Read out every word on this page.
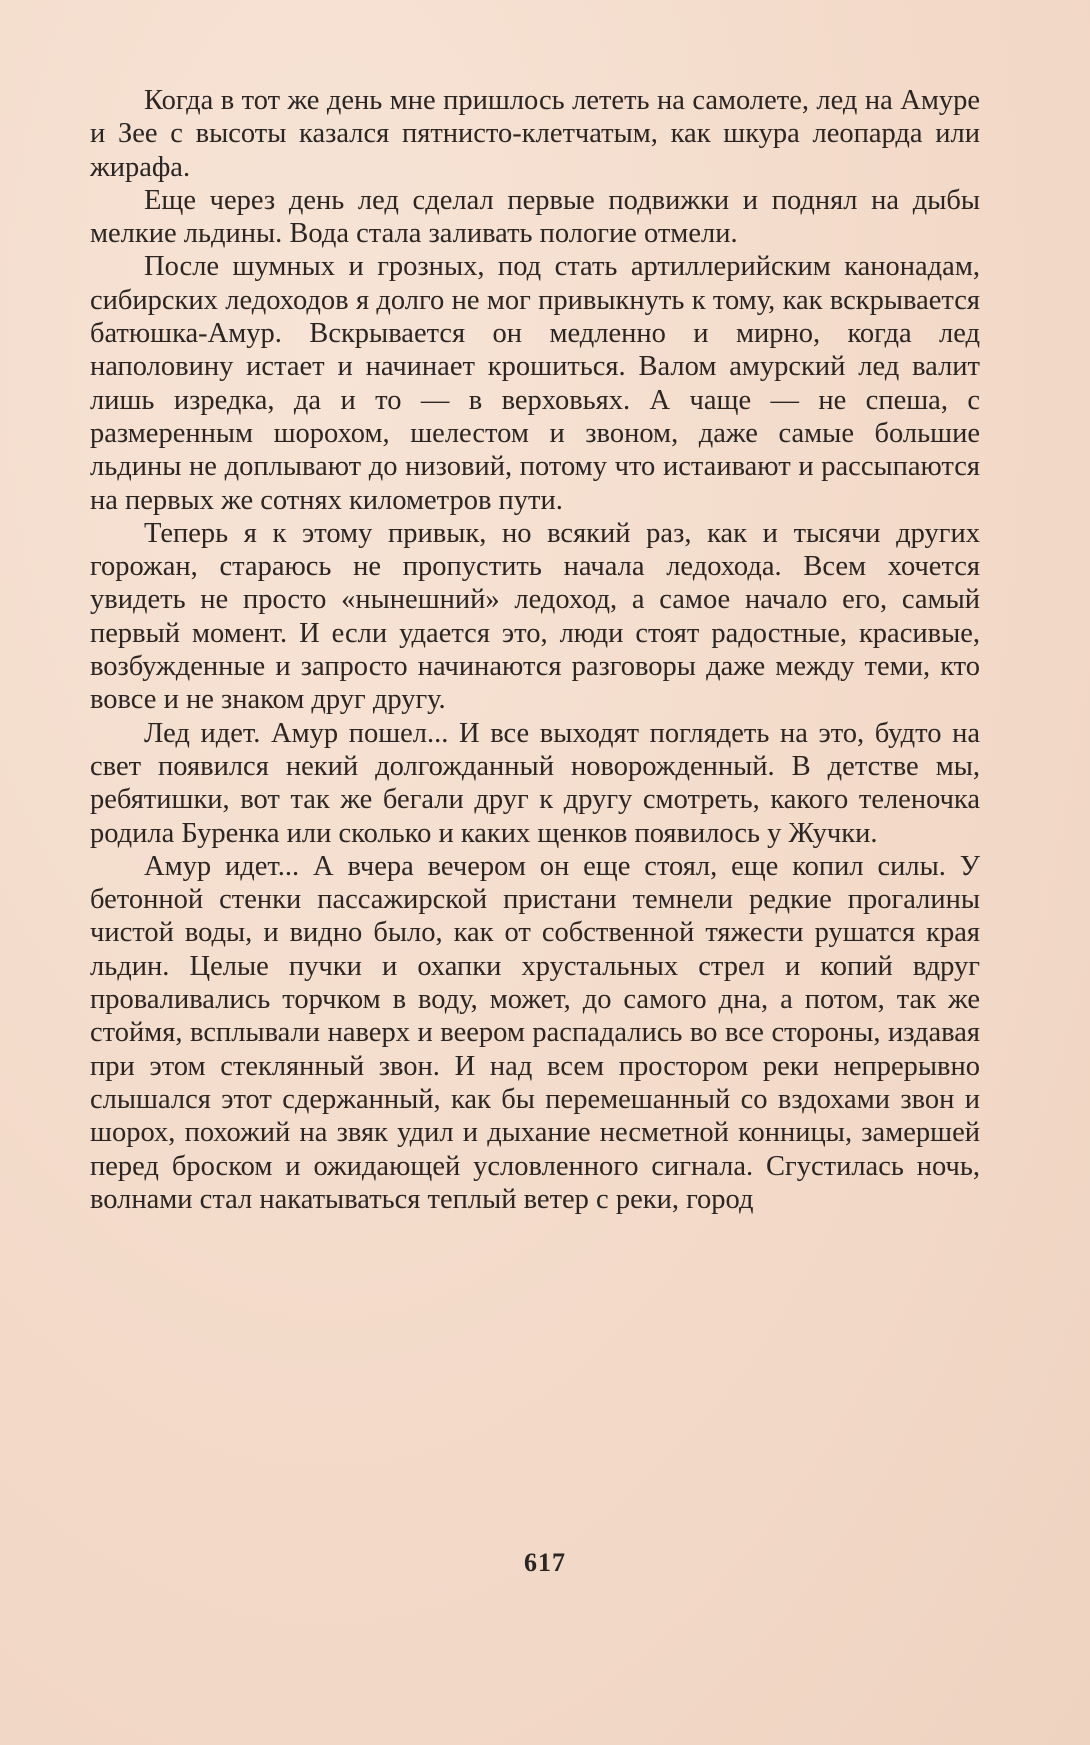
Когда в тот же день мне пришлось лететь на самолете, лед на Амуре и Зее с высоты казался пятнисто-клетчатым, как шкура леопарда или жирафа.

Еще через день лед сделал первые подвижки и поднял на дыбы мелкие льдины. Вода стала заливать пологие отмели.

После шумных и грозных, под стать артиллерийским канонадам, сибирских ледоходов я долго не мог привыкнуть к тому, как вскрывается батюшка-Амур. Вскрывается он медленно и мирно, когда лед наполовину истает и начинает крошиться. Валом амурский лед валит лишь изредка, да и то — в верховьях. А чаще — не спеша, с размеренным шорохом, шелестом и звоном, даже самые большие льдины не доплывают до низовий, потому что истаивают и рассыпаются на первых же сотнях километров пути.

Теперь я к этому привык, но всякий раз, как и тысячи других горожан, стараюсь не пропустить начала ледохода. Всем хочется увидеть не просто «нынешний» ледоход, а самое начало его, самый первый момент. И если удается это, люди стоят радостные, красивые, возбужденные и запросто начинаются разговоры даже между теми, кто вовсе и не знаком друг другу.

Лед идет. Амур пошел... И все выходят поглядеть на это, будто на свет появился некий долгожданный новорожденный. В детстве мы, ребятишки, вот так же бегали друг к другу смотреть, какого теленочка родила Буренка или сколько и каких щенков появилось у Жучки.

Амур идет... А вчера вечером он еще стоял, еще копил силы. У бетонной стенки пассажирской пристани темнели редкие прогалины чистой воды, и видно было, как от собственной тяжести рушатся края льдин. Целые пучки и охапки хрустальных стрел и копий вдруг проваливались торчком в воду, может, до самого дна, а потом, так же стоймя, всплывали наверх и веером распадались во все стороны, издавая при этом стеклянный звон. И над всем простором реки непрерывно слышался этот сдержанный, как бы перемешанный со вздохами звон и шорох, похожий на звяк удил и дыхание несметной конницы, замершей перед броском и ожидающей условленного сигнала. Сгустилась ночь, волнами стал накатываться теплый ветер с реки, город

617
